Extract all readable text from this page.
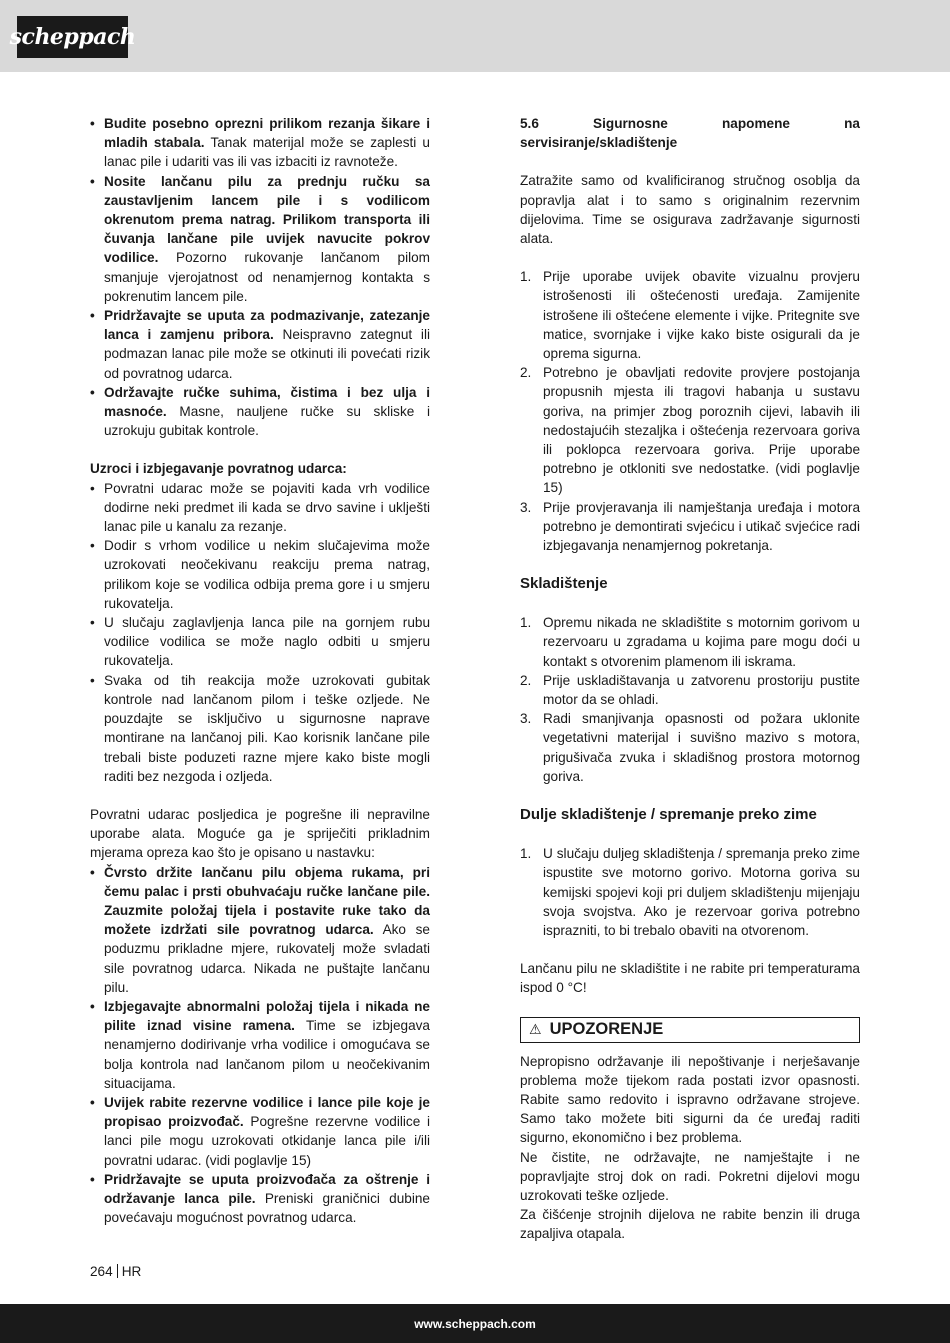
scheppach
• Budite posebno oprezni prilikom rezanja šikare i mladih stabala. Tanak materijal može se zaplesti u lanac pile i udariti vas ili vas izbaciti iz ravnoteže.
• Nosite lančanu pilu za prednju ručku sa zaustavljenim lancem pile i s vodilicom okrenutom prema natrag. Prilikom transporta ili čuvanja lančane pile uvijek navucite pokrov vodilice. Pozorno rukovanje lančanom pilom smanjuje vjerojatnost od nenamjernog kontakta s pokrenutim lancem pile.
• Pridržavajte se uputa za podmazivanje, zatezanje lanca i zamjenu pribora. Neispravno zategnut ili podmazan lanac pile može se otkinuti ili povećati rizik od povratnog udarca.
• Održavajte ručke suhima, čistima i bez ulja i masnoće. Masne, nauljene ručke su skliske i uzrokuju gubitak kontrole.

Uzroci i izbjegavanje povratnog udarca:

• Povratni udarac može se pojaviti kada vrh vodilice dodirne neki predmet ili kada se drvo savine i uklješti lanac pile u kanalu za rezanje.
• Dodir s vrhom vodilice u nekim slučajevima može uzrokovati neočekivanu reakciju prema natrag, prilikom koje se vodilica odbija prema gore i u smjeru rukovatelja.
• U slučaju zaglavljenja lanca pile na gornjem rubu vodilice vodilica se može naglo odbiti u smjeru rukovatelja.
• Svaka od tih reakcija može uzrokovati gubitak kontrole nad lančanom pilom i teške ozljede. Ne pouzdajte se isključivo u sigurnosne naprave montirane na lančanoj pili. Kao korisnik lančane pile trebali biste poduzeti razne mjere kako biste mogli raditi bez nezgoda i ozljeda.

Povratni udarac posljedica je pogrešne ili nepravilne uporabe alata. Moguće ga je spriječiti prikladnim mjerama opreza kao što je opisano u nastavku:

• Čvrsto držite lančanu pilu objema rukama, pri čemu palac i prsti obuhvaćaju ručke lančane pile. Zauzmite položaj tijela i postavite ruke tako da možete izdržati sile povratnog udarca. Ako se poduzmu prikladne mjere, rukovatelj može svladati sile povratnog udarca. Nikada ne puštajte lančanu pilu.
• Izbjegavajte abnormalni položaj tijela i nikada ne pilite iznad visine ramena. Time se izbjegava nenamjerno dodirivanje vrha vodilice i omogućava se bolja kontrola nad lančanom pilom u neočekivanim situacijama.
• Uvijek rabite rezervne vodilice i lance pile koje je propisao proizvođač. Pogrešne rezervne vodilice i lanci pile mogu uzrokovati otkidanje lanca pile i/ili povratni udarac. (vidi poglavlje 15)
• Pridržavajte se uputa proizvođača za oštrenje i održavanje lanca pile. Preniski graničnici dubine povećavaju mogućnost povratnog udarca.

5.6 Sigurnosne napomene na servisiranje/skladištenje

Zatražite samo od kvalificiranog stručnog osoblja da popravlja alat i to samo s originalnim rezervnim dijelovima. Time se osigurava zadržavanje sigurnosti alata.

1. Prije uporabe uvijek obavite vizualnu provjeru istrošenosti ili oštećenosti uređaja. Zamijenite istrošene ili oštećene elemente i vijke. Pritegnite sve matice, svornjake i vijke kako biste osigurali da je oprema sigurna.
2. Potrebno je obavljati redovite provjere postojanja propusnih mjesta ili tragovi habanja u sustavu goriva, na primjer zbog poroznih cijevi, labavih ili nedostajućih stezaljka i oštećenja rezervoara goriva ili poklopca rezervoara goriva. Prije uporabe potrebno je otkloniti sve nedostatke. (vidi poglavlje 15)
3. Prije provjeravanja ili namještanja uređaja i motora potrebno je demontirati svjećicu i utikač svjećice radi izbjegavanja nenamjernog pokretanja.

Skladištenje

1. Opremu nikada ne skladištite s motornim gorivom u rezervoaru u zgradama u kojima pare mogu doći u kontakt s otvorenim plamenom ili iskrama.
2. Prije uskladištavanja u zatvorenu prostoriju pustite motor da se ohladi.
3. Radi smanjivanja opasnosti od požara uklonite vegetativni materijal i suvišno mazivo s motora, prigušivača zvuka i skladišnog prostora motornog goriva.

Dulje skladištenje / spremanje preko zime

1. U slučaju duljeg skladištenja / spremanja preko zime ispustite sve motorno gorivo. Motorna goriva su kemijski spojevi koji pri duljem skladištenju mijenjaju svoja svojstva. Ako je rezervoar goriva potrebno isprazniti, to bi trebalo obaviti na otvorenom.

Lančanu pilu ne skladištite i ne rabite pri temperaturama ispod 0 °C!

⚠ UPOZORENJE

Nepropisno održavanje ili nepoštivanje i nerješavanje problema može tijekom rada postati izvor opasnosti. Rabite samo redovito i ispravno održavane strojeve. Samo tako možete biti sigurni da će uređaj raditi sigurno, ekonomično i bez problema.

Ne čistite, ne održavajte, ne namještajte i ne popravljajte stroj dok on radi. Pokretni dijelovi mogu uzrokovati teške ozljede.

Za čišćenje strojnih dijelova ne rabite benzin ili druga zapaljiva otapala.

264 HR
www.scheppach.com
